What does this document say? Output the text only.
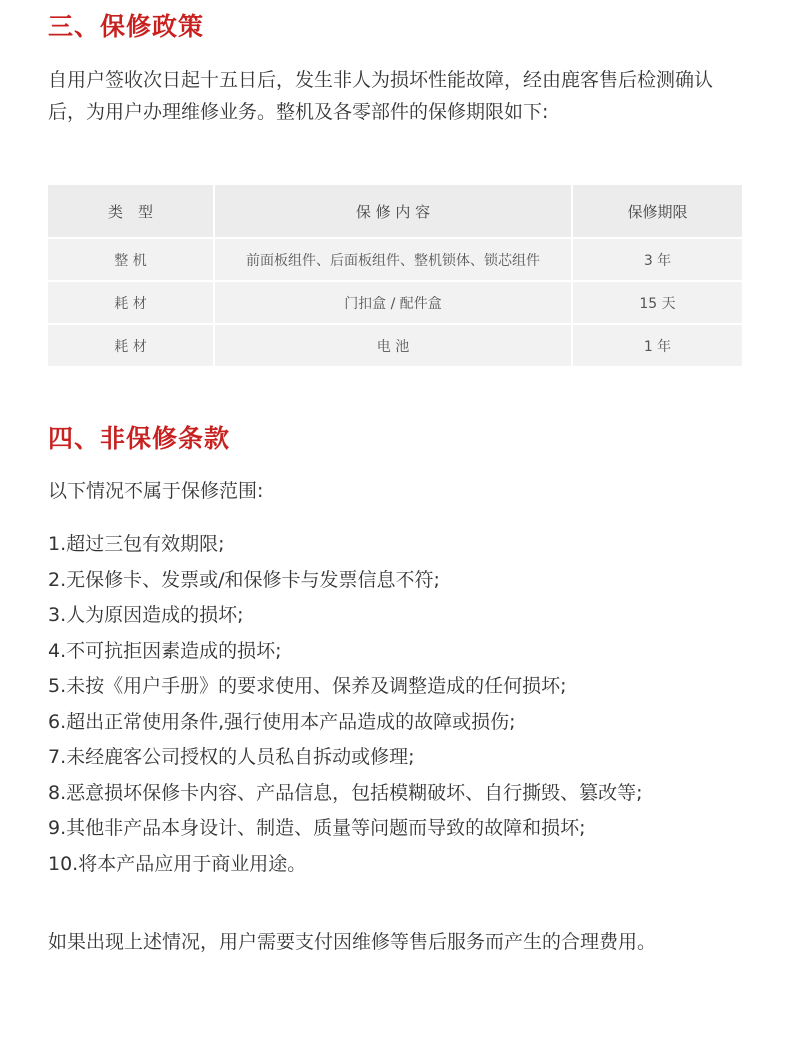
三、保修政策

自用户签收次日起十五日后，发生非人为损坏性能故障，经由鹿客售后检测确认后，为用户办理维修业务。整机及各零部件的保修期限如下:

类　型	保 修 内 容	保修期限
整 机	前面板组件、后面板组件、整机锁体、锁芯组件	3 年
耗 材	门扣盒 / 配件盒	15 天
耗 材	电 池	1 年
四、非保修条款

以下情况不属于保修范围:

1.超过三包有效期限;
2.无保修卡、发票或/和保修卡与发票信息不符;
3.人为原因造成的损坏;
4.不可抗拒因素造成的损坏;
5.未按《用户手册》的要求使用、保养及调整造成的任何损坏;
6.超出正常使用条件,强行使用本产品造成的故障或损伤;
7.未经鹿客公司授权的人员私自拆动或修理;
8.恶意损坏保修卡内容、产品信息，包括模糊破坏、自行撕毁、篡改等;
9.其他非产品本身设计、制造、质量等问题而导致的故障和损坏;
10.将本产品应用于商业用途。

如果出现上述情况，用户需要支付因维修等售后服务而产生的合理费用。
